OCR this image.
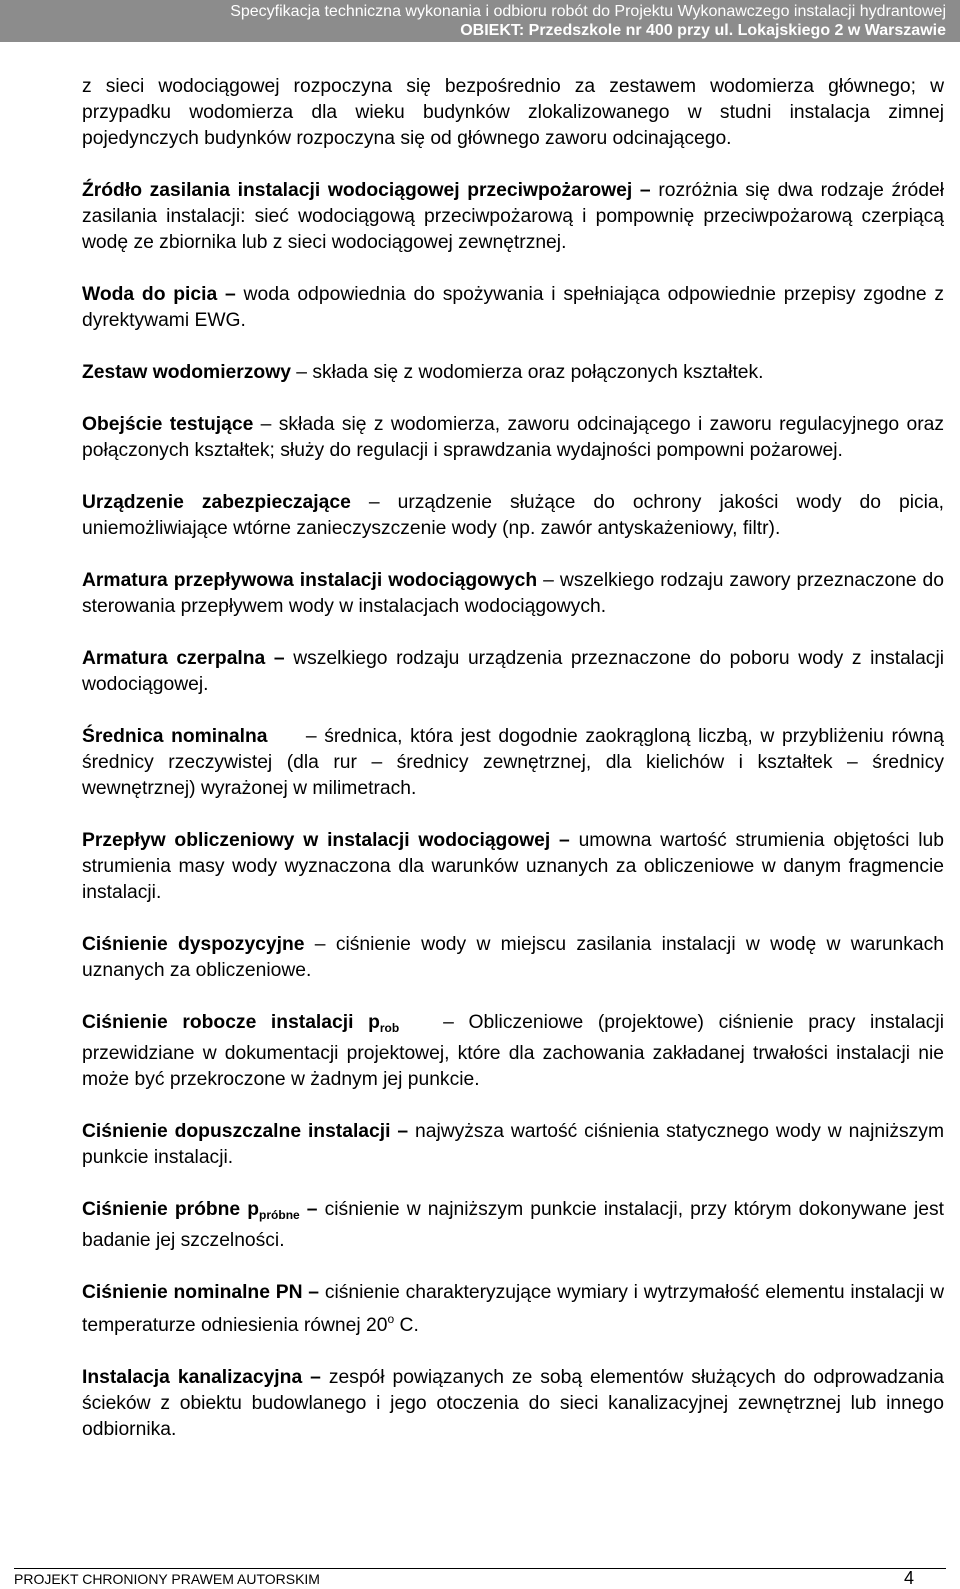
Specyfikacja techniczna wykonania i odbioru robót do Projektu Wykonawczego instalacji hydrantowej
OBIEKT: Przedszkole nr 400 przy ul. Lokajskiego 2 w Warszawie

z sieci wodociągowej rozpoczyna się bezpośrednio za zestawem wodomierza głównego; w przypadku wodomierza dla wieku budynków zlokalizowanego w studni instalacja zimnej pojedynczych budynków rozpoczyna się od głównego zaworu odcinającego.

Źródło zasilania instalacji wodociągowej przeciwpożarowej – rozróżnia się dwa rodzaje źródeł zasilania instalacji: sieć wodociągową przeciwpożarową i pompownię przeciwpożarową czerpiącą wodę ze zbiornika lub z sieci wodociągowej zewnętrznej.

Woda do picia – woda odpowiednia do spożywania i spełniająca odpowiednie przepisy zgodne z dyrektywami EWG.

Zestaw wodomierzowy – składa się z wodomierza oraz połączonych kształtek.

Obejście testujące – składa się z wodomierza, zaworu odcinającego i zaworu regulacyjnego oraz połączonych kształtek; służy do regulacji i sprawdzania wydajności pompowni pożarowej.

Urządzenie zabezpieczające – urządzenie służące do ochrony jakości wody do picia, uniemożliwiające wtórne zanieczyszczenie wody (np. zawór antyskażeniowy, filtr).

Armatura przepływowa instalacji wodociągowych – wszelkiego rodzaju zawory przeznaczone do sterowania przepływem wody w instalacjach wodociągowych.

Armatura czerpalna – wszelkiego rodzaju urządzenia przeznaczone do poboru wody z instalacji wodociągowej.

Średnica nominalna     – średnica, która jest dogodnie zaokrągloną liczbą, w przybliżeniu równą średnicy rzeczywistej (dla rur – średnicy zewnętrznej, dla kielichów i kształtek – średnicy wewnętrznej) wyrażonej w milimetrach.

Przepływ obliczeniowy w instalacji wodociągowej – umowna wartość strumienia objętości lub strumienia masy wody wyznaczona dla warunków uznanych za obliczeniowe w danym fragmencie instalacji.

Ciśnienie dyspozycyjne – ciśnienie wody w miejscu zasilania instalacji w wodę w warunkach uznanych za obliczeniowe.

Ciśnienie robocze instalacji $p_{rob}$   – Obliczeniowe (projektowe) ciśnienie pracy instalacji przewidziane w dokumentacji projektowej, które dla zachowania zakładanej trwałości instalacji nie może być przekroczone w żadnym jej punkcie.

Ciśnienie dopuszczalne instalacji – najwyższa wartość ciśnienia statycznego wody w najniższym punkcie instalacji.

Ciśnienie próbne $p_{próbne}$ – ciśnienie w najniższym punkcie instalacji, przy którym dokonywane jest badanie jej szczelności.

Ciśnienie nominalne PN – ciśnienie charakteryzujące wymiary i wytrzymałość elementu instalacji w temperaturze odniesienia równej 20$^o$ C.

Instalacja kanalizacyjna – zespół powiązanych ze sobą elementów służących do odprowadzania ścieków z obiektu budowlanego i jego otoczenia do sieci kanalizacyjnej zewnętrznej lub innego odbiornika.

PROJEKT CHRONIONY PRAWEM AUTORSKIM	4
